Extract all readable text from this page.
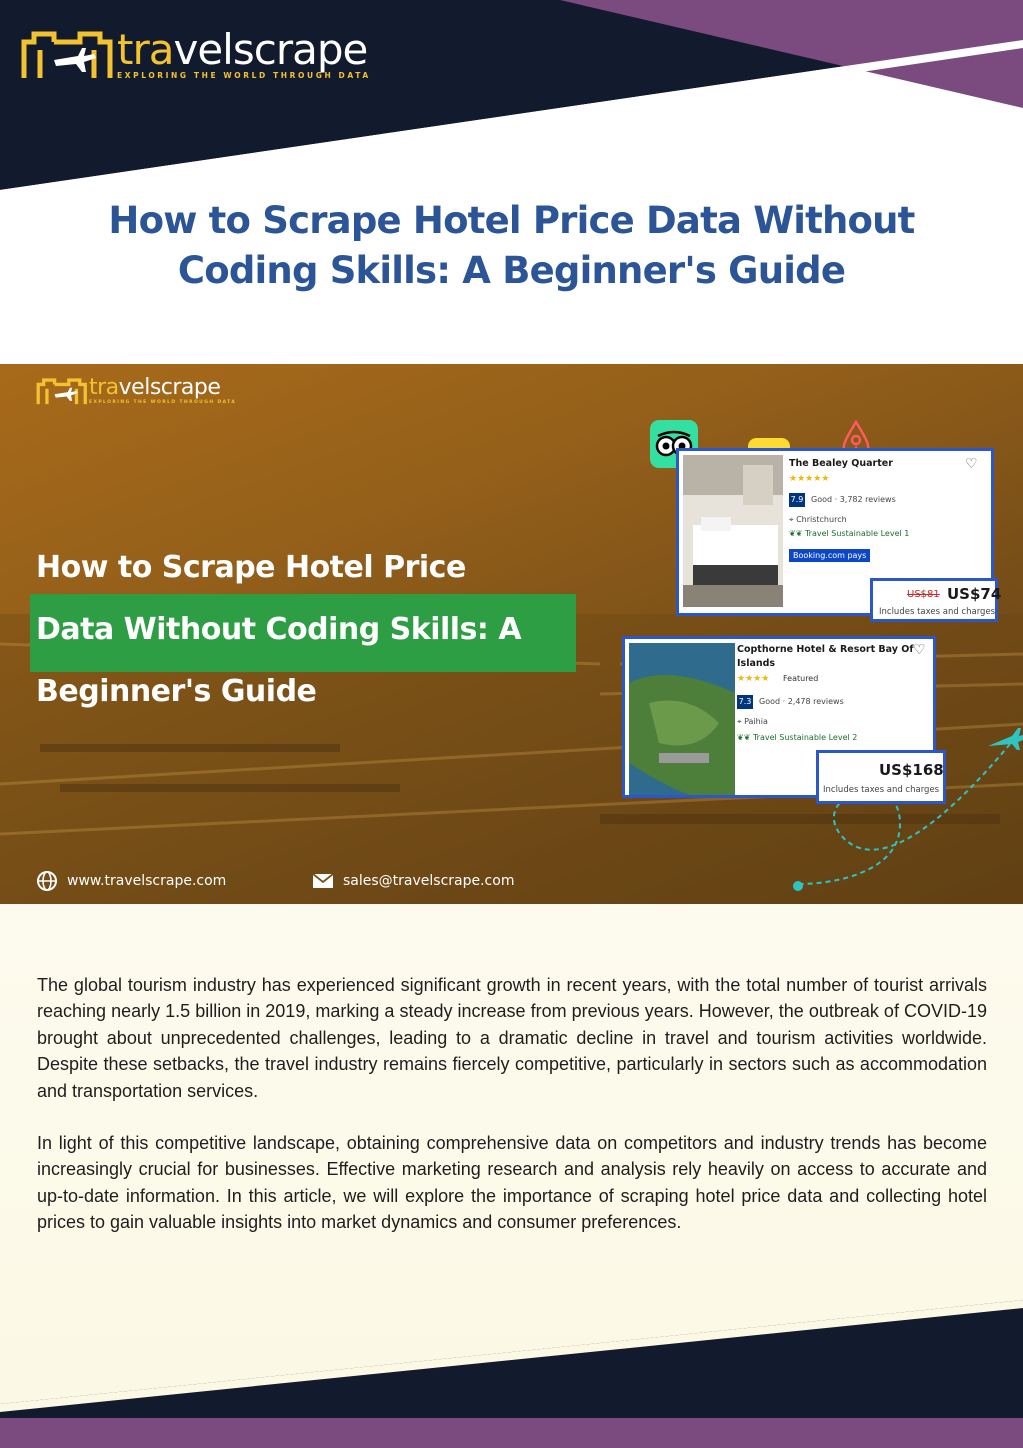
travelscrape
EXPLORING THE WORLD THROUGH DATA
How to Scrape Hotel Price Data Without
Coding Skills: A Beginner's Guide
travelscrape
EXPLORING THE WORLD THROUGH DATA
How to Scrape Hotel Price
Data Without Coding Skills: A
Beginner's Guide
The Bealey Quarter
★★★★★
7.9 Good · 3,782 reviews
⌖ Christchurch
❦❦ Travel Sustainable Level 1
Booking.com pays
♡
US$81 US$74
Includes taxes and charges
Copthorne Hotel & Resort Bay Of
Islands
★★★★ Featured
7.3 Good · 2,478 reviews
⌖ Paihia
❦❦ Travel Sustainable Level 2
♡
US$168
Includes taxes and charges
www.travelscrape.com	sales@travelscrape.com

The global tourism industry has experienced significant growth in recent years, with the total number of tourist arrivals reaching nearly 1.5 billion in 2019, marking a steady increase from previous years. However, the outbreak of COVID-19 brought about unprecedented challenges, leading to a dramatic decline in travel and tourism activities worldwide. Despite these setbacks, the travel industry remains fiercely competitive, particularly in sectors such as accommodation and transportation services.

In light of this competitive landscape, obtaining comprehensive data on competitors and industry trends has become increasingly crucial for businesses. Effective marketing research and analysis rely heavily on access to accurate and up-to-date information. In this article, we will explore the importance of scraping hotel price data and collecting hotel prices to gain valuable insights into market dynamics and consumer preferences.
